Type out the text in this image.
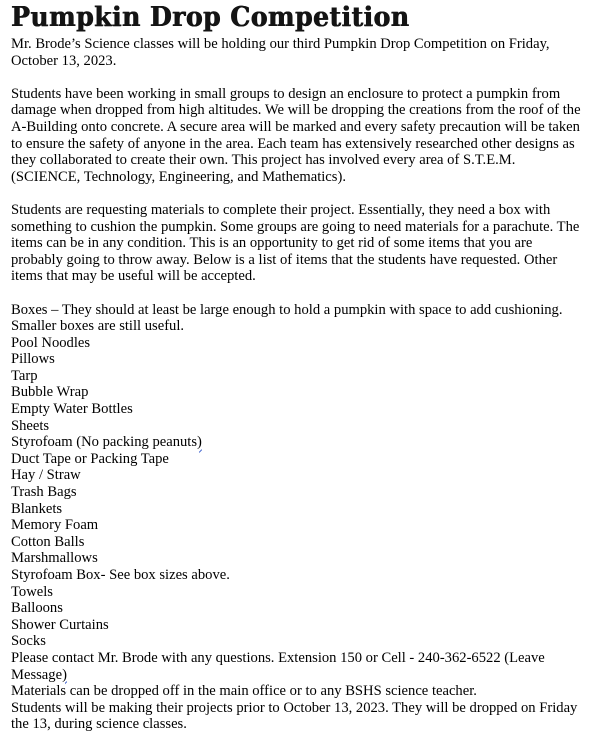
Pumpkin Drop Competition

Mr. Brode’s Science classes will be holding our third Pumpkin Drop Competition on Friday, October 13, 2023.

Students have been working in small groups to design an enclosure to protect a pumpkin from damage when dropped from high altitudes. We will be dropping the creations from the roof of the A-Building onto concrete. A secure area will be marked and every safety precaution will be taken to ensure the safety of anyone in the area. Each team has extensively researched other designs as they collaborated to create their own. This project has involved every area of S.T.E.M. (SCIENCE, Technology, Engineering, and Mathematics).

Students are requesting materials to complete their project. Essentially, they need a box with something to cushion the pumpkin. Some groups are going to need materials for a parachute. The items can be in any condition. This is an opportunity to get rid of some items that you are probably going to throw away. Below is a list of items that the students have requested. Other items that may be useful will be accepted.

Boxes – They should at least be large enough to hold a pumpkin with space to add cushioning. Smaller boxes are still useful.
Pool Noodles
Pillows
Tarp
Bubble Wrap
Empty Water Bottles
Sheets
Styrofoam (No packing peanuts)
Duct Tape or Packing Tape
Hay / Straw
Trash Bags
Blankets
Memory Foam
Cotton Balls
Marshmallows
Styrofoam Box- See box sizes above.
Towels
Balloons
Shower Curtains
Socks

Please contact Mr. Brode with any questions. Extension 150 or Cell - 240-362-6522 (Leave Message)

Materials can be dropped off in the main office or to any BSHS science teacher.

Students will be making their projects prior to October 13, 2023. They will be dropped on Friday the 13, during science classes.
